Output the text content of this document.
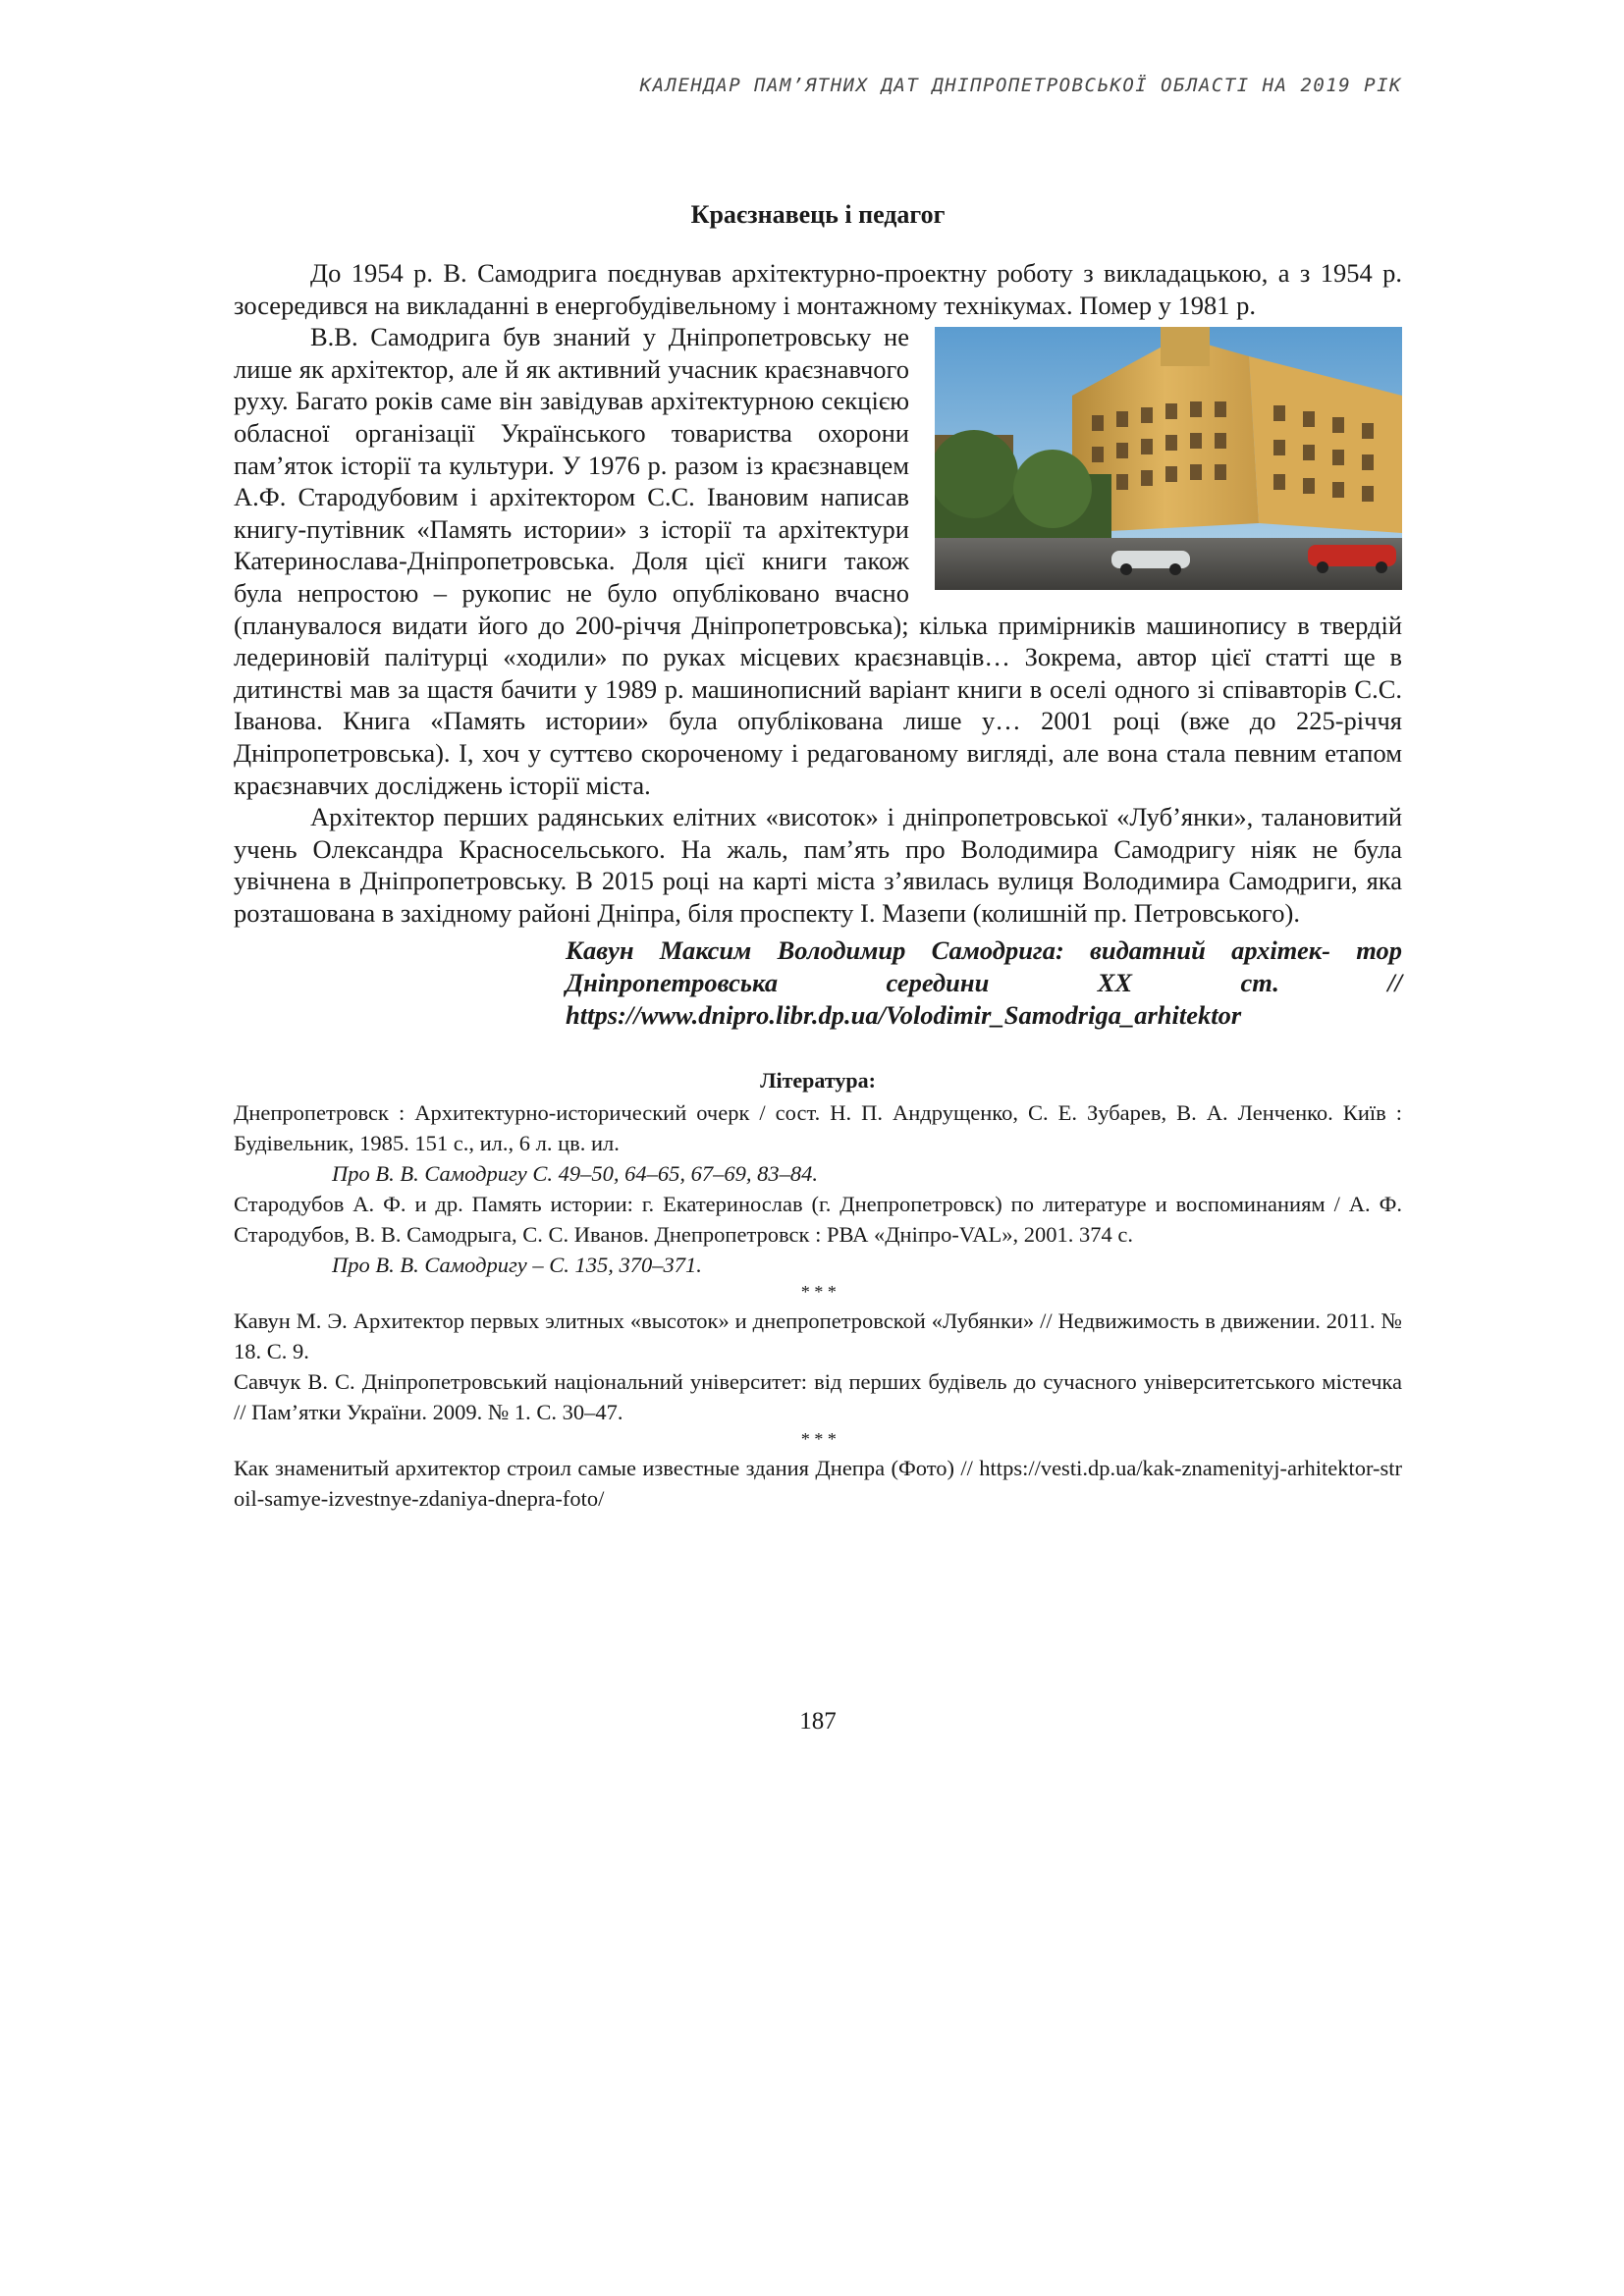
КАЛЕНДАР ПАМ’ЯТНИХ ДАТ ДНІПРОПЕТРОВСЬКОЇ ОБЛАСТІ НА 2019 РІК
Краєзнавець і педагог

До 1954 р. В. Самодрига поєднував архітектурно-проектну роботу з викладацькою, а з 1954 р. зосередився на викладанні в енергобудівельному і монтажному технікумах. Помер у 1981 р.

В.В. Самодрига був знаний у Дніпропетровську не лише як архітектор, але й як активний учасник краєзнавчого руху. Багато років саме він завідував архітектурною секцією обласної організації Українського товариства охорони пам’яток історії та культури. У 1976 р. разом із краєзнавцем А.Ф. Стародубовим і архітектором С.С. Івановим написав книгу-путівник «Память истории» з історії та архітектури Катеринослава-Дніпропетровська. Доля цієї книги також була непростою – рукопис не було опубліковано вчасно (планувалося видати його до 200-річчя Дніпропетровська); кілька примірників машинопису в твердій ледериновій палітурці «ходили» по руках місцевих краєзнавців… Зокрема, автор цієї статті ще в дитинстві мав за щастя бачити у 1989 р. машинописний варіант книги в оселі одного зі співавторів С.С. Іванова. Книга «Память истории» була опублікована лише у… 2001 році (вже до 225-річчя Дніпропетровська). І, хоч у суттєво скороченому і редагованому вигляді, але вона стала певним етапом краєзнавчих досліджень історії міста.

Архітектор перших радянських елітних «висоток» і дніпропетровської «Луб’янки», талановитий учень Олександра Красносельського. На жаль, пам’ять про Володимира Самодригу ніяк не була увічнена в Дніпропетровську. В 2015 році на карті міста з’явилась вулиця Володимира Самодриги, яка розташована в західному районі Дніпра, біля проспекту І. Мазепи (колишній пр. Петровського).

Кавун Максим Володимир Самодрига: видатний архітек- тор Дніпропетровська середини XX ст. //
https://www.dnipro.libr.dp.ua/Volodimir_Samodriga_arhitektor
Література:

Днепропетровск : Архитектурно-исторический очерк / сост. Н. П. Андрущенко, С. Е. Зубарев, В. А. Ленченко. Київ : Будівельник, 1985. 151 с., ил., 6 л. цв. ил.

Про В. В. Самодригу С. 49–50, 64–65, 67–69, 83–84.

Стародубов А. Ф. и др. Память истории: г. Екатеринослав (г. Днепропетровск) по литературе и воспоминаниям / А. Ф. Стародубов, В. В. Самодрыга, С. С. Иванов. Днепропетровск : РВА «Дніпро-VAL», 2001. 374 с.

Про В. В. Самодригу – С. 135, 370–371.

* * *

Кавун М. Э. Архитектор первых элитных «высоток» и днепропетровской «Лубянки» // Недвижимость в движении. 2011. № 18. С. 9.

Савчук В. С. Дніпропетровський національний університет: від перших будівель до сучасного університетського містечка // Пам’ятки України. 2009. № 1. С. 30–47.

* * *

Как знаменитый архитектор строил самые известные здания Днепра (Фото) // https://vesti.dp.ua/kak-znamenityj-arhitektor-stroil-samye-izvestnye-zdaniya-dnepra-foto/

187
